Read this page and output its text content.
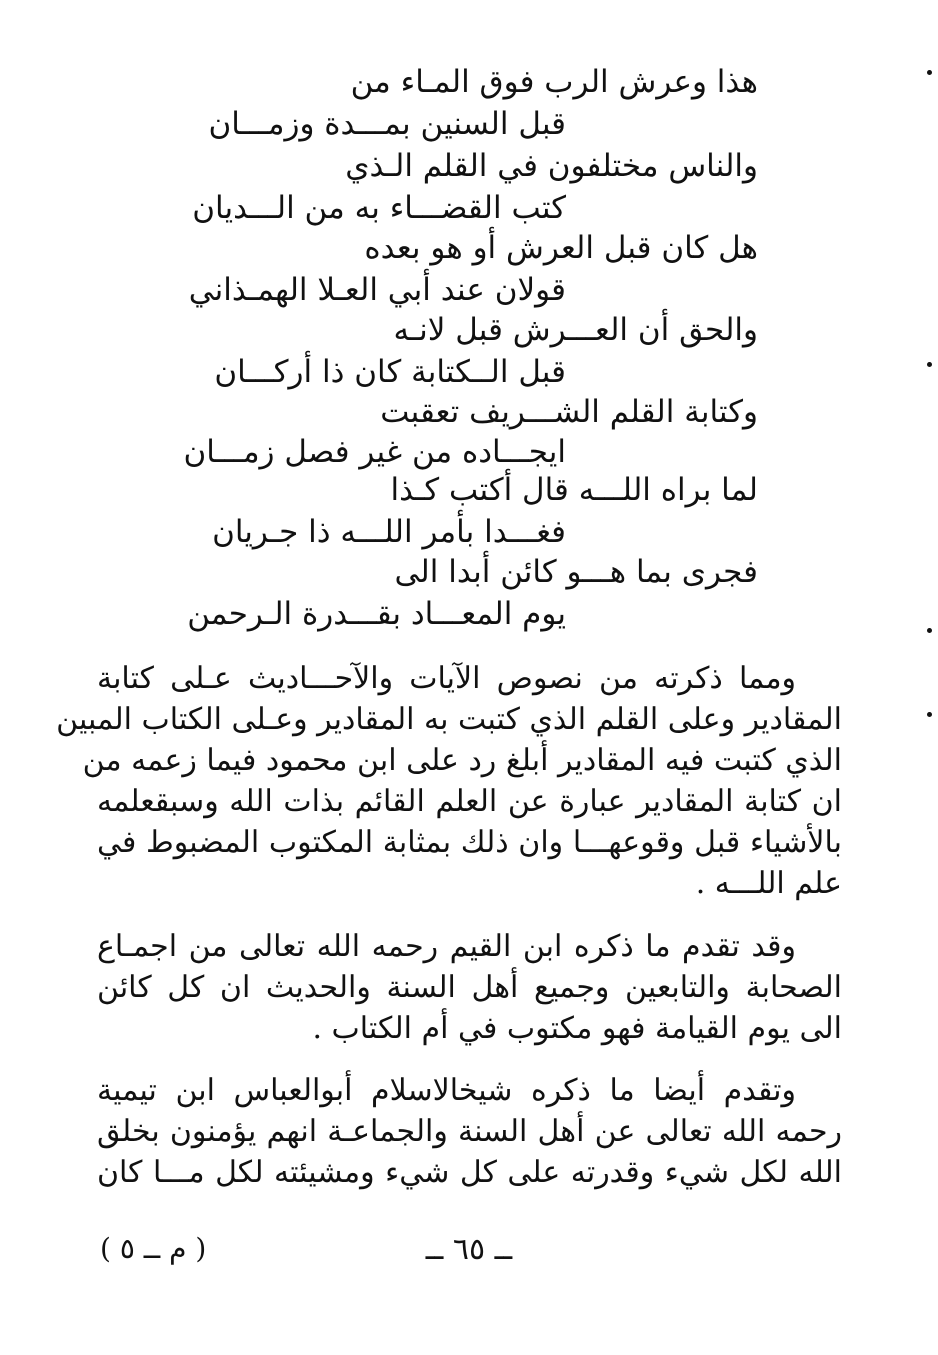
هذا وعرش الرب فوق المـاء من
قبل السنين بمـــدة وزمـــان
والناس مختلفون في القلم الـذي
كتب القضـــاء به من الـــديان
هل كان قبل العرش أو هو بعده
قولان عند أبي العـلا الهمـذاني
والحق أن العـــرش قبل لانـه
قبل الــكتابة كان ذا أركـــان
وكتابة القلم الشـــريف تعقبت
ايجـــاده من غير فصل زمـــان
لما براه اللـــه قال أكتب كـذا
فغـــدا بأمر اللـــه ذا جـريان
فجرى بما هـــو كائن أبدا الى
يوم المعـــاد بقـــدرة الـرحمن
ومما ذكرته من نصوص الآيات والآحـــاديث عـلى كتابة
المقادير وعلى القلم الذي كتبت به المقادير وعـلى الكتاب المبين
الذي كتبت فيه المقادير أبلغ رد على ابن محمود فيما زعمه من
ان كتابة المقادير عبارة عن العلم القائم بذات الله وسبقعلمه
بالأشياء قبل وقوعهـــا وان ذلك بمثابة المكتوب المضبوط في
علم اللـــه .
وقد تقدم ما ذكره ابن القيم رحمه الله تعالى من اجمـاع
الصحابة والتابعين وجميع أهل السنة والحديث ان كل كائن
الى يوم القيامة فهو مكتوب في أم الكتاب .
وتقدم أيضا ما ذكره شيخالاسلام أبوالعباس ابن تيمية
رحمه الله تعالى عن أهل السنة والجماعـة انهم يؤمنون بخلق
الله لكل شيء وقدرته على كل شيء ومشيئته لكل مـــا كان
ــ ٦٥ ــ
( م ــ ٥ )
